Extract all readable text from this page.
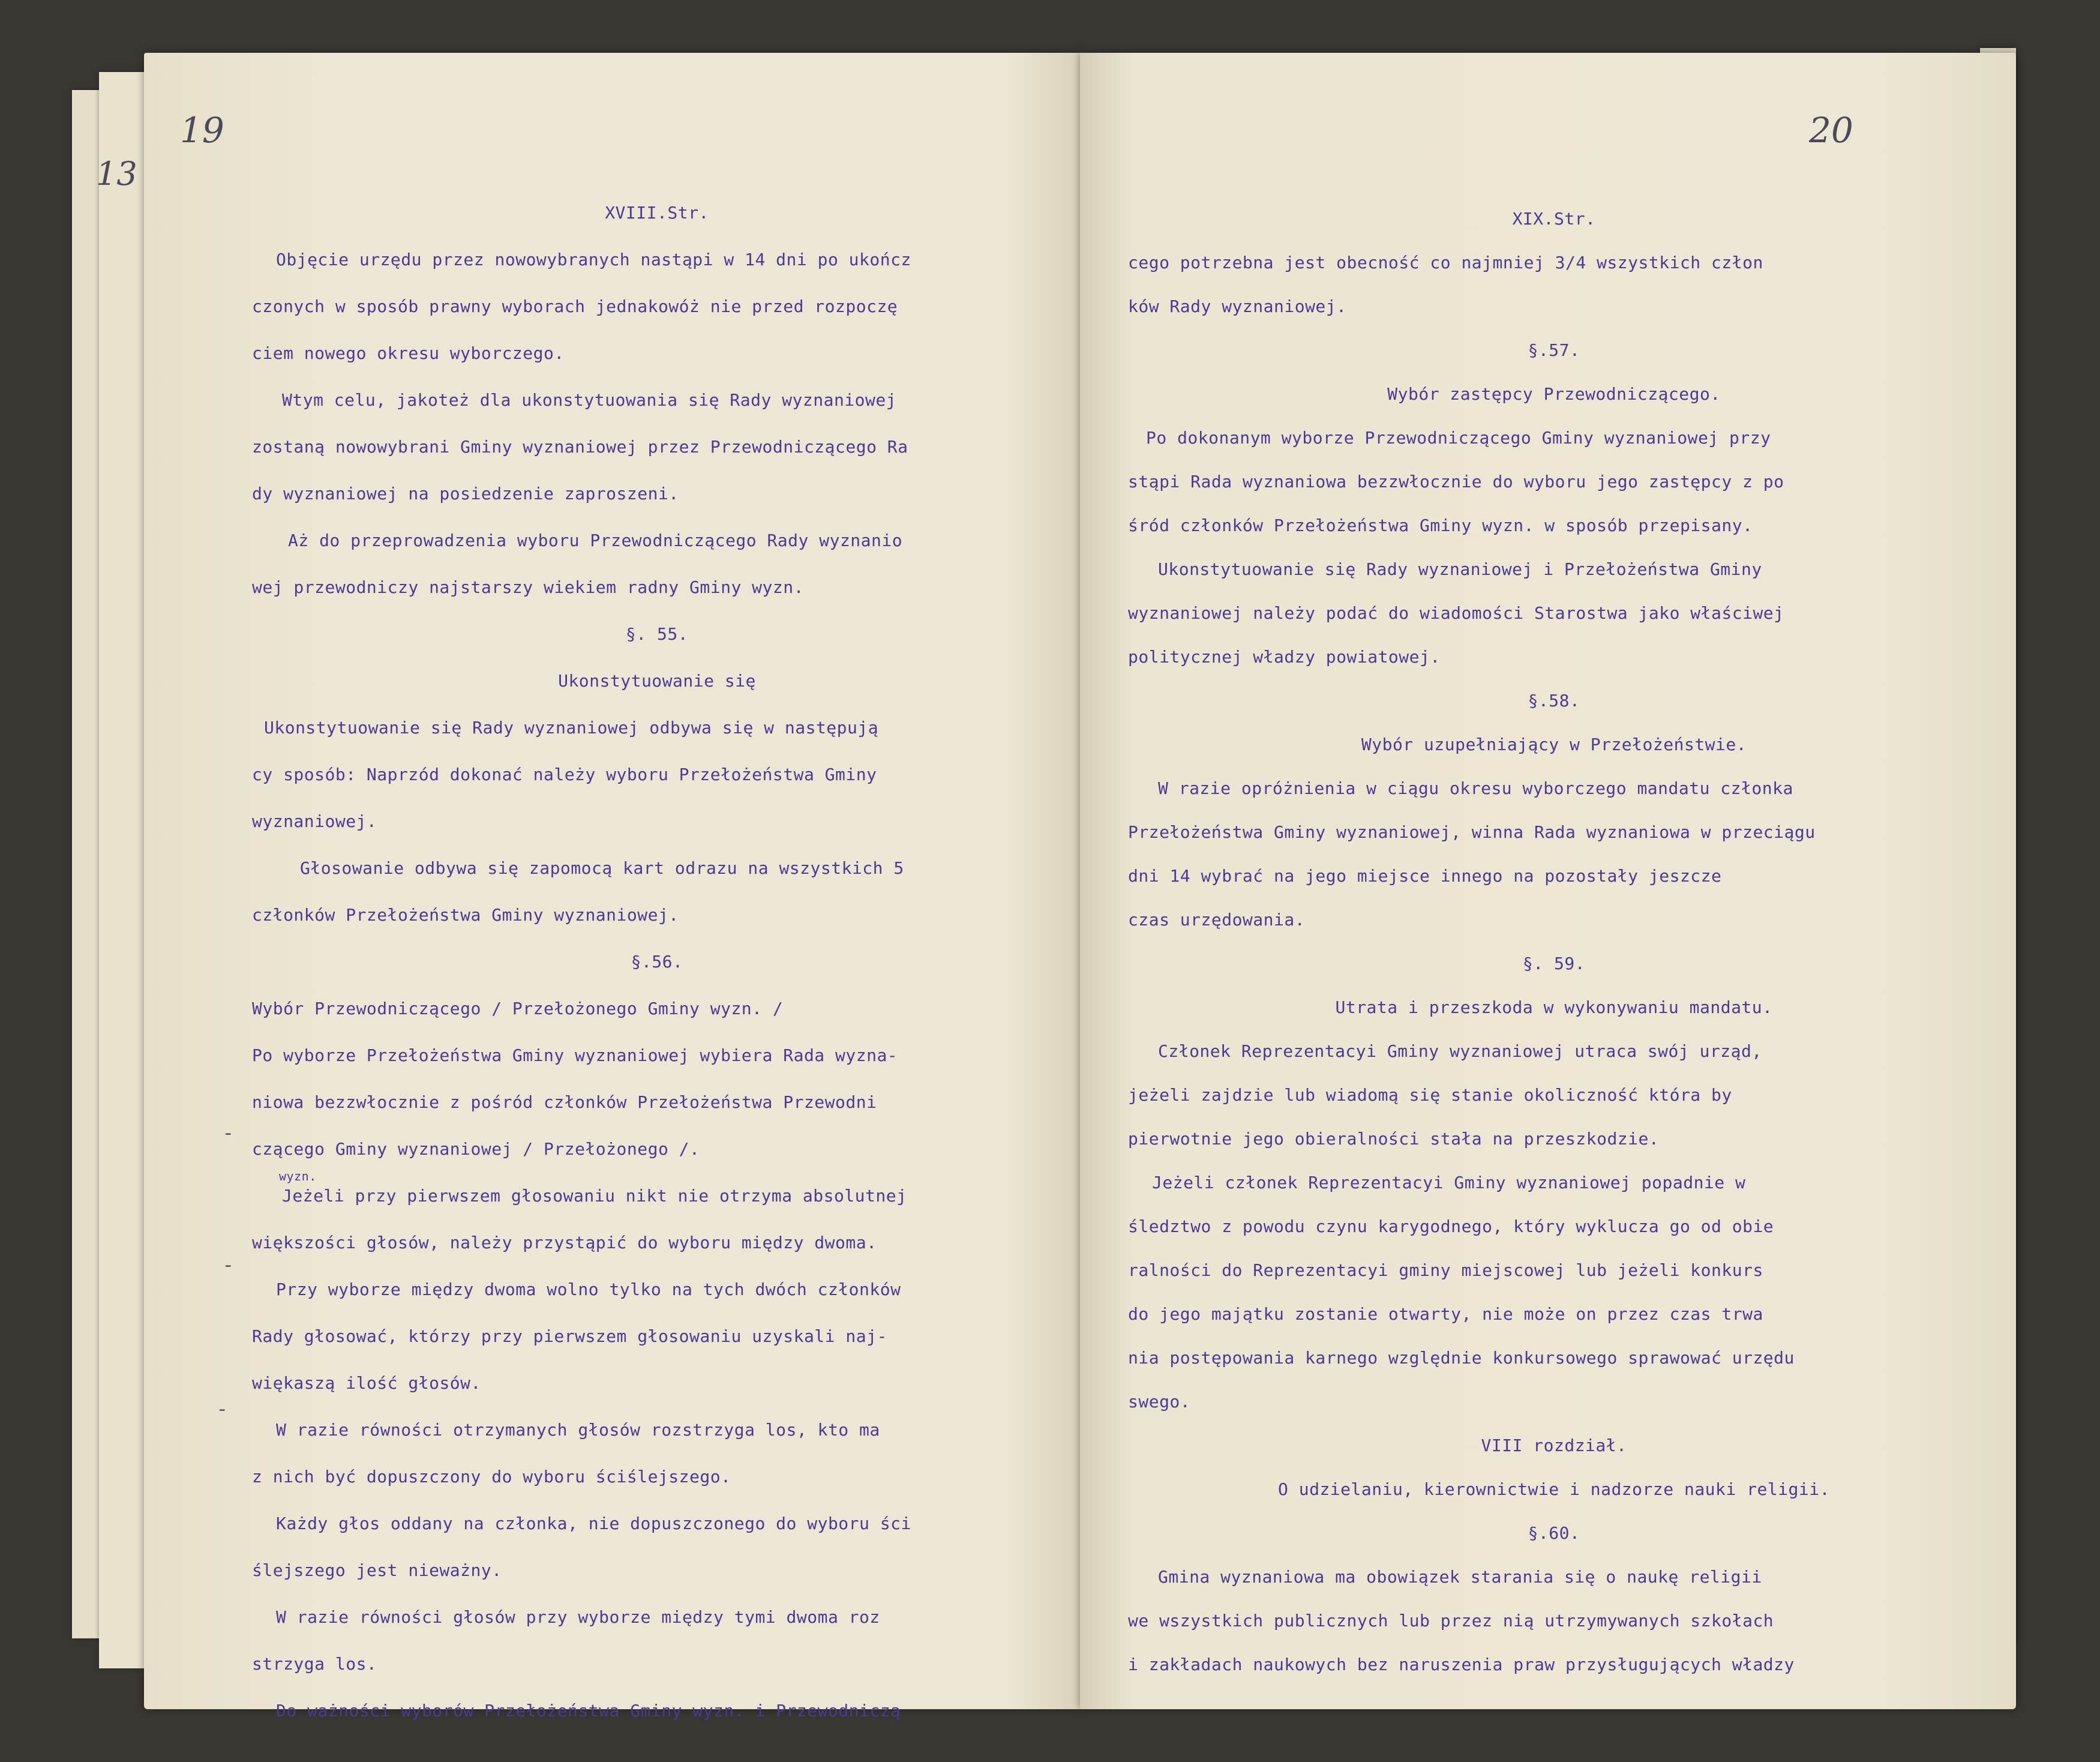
13
19
XVIII.Str.
Objęcie urzędu przez nowowybranych nastąpi w 14 dni po ukończ
czonych w sposób prawny wyborach jednakowóż nie przed rozpoczę
ciem nowego okresu wyborczego.
Wtym celu, jakoteż dla ukonstytuowania się Rady wyznaniowej
zostaną nowowybrani Gminy wyznaniowej przez Przewodniczącego Ra
dy wyznaniowej na posiedzenie zaproszeni.
Aż do przeprowadzenia wyboru Przewodniczącego Rady wyznanio
wej przewodniczy najstarszy wiekiem radny Gminy wyzn.
§. 55.
Ukonstytuowanie się
Ukonstytuowanie się Rady wyznaniowej odbywa się w następują
cy sposób: Naprzód dokonać należy wyboru Przełożeństwa Gminy
wyznaniowej.
Głosowanie odbywa się zapomocą kart odrazu na wszystkich 5
członków Przełożeństwa Gminy wyznaniowej.
§.56.
Wybór Przewodniczącego / Przełożonego Gminy wyzn. /
Po wyborze Przełożeństwa Gminy wyznaniowej wybiera Rada wyzna-
niowa bezzwłocznie z pośród członków Przełożeństwa Przewodni
czącego Gminy wyznaniowej / Przełożonego /.
Jeżeli przy pierwszem głosowaniu nikt nie otrzyma absolutnej
większości głosów, należy przystąpić do wyboru między dwoma.
Przy wyborze między dwoma wolno tylko na tych dwóch członków
Rady głosować, którzy przy pierwszem głosowaniu uzyskali naj-
więkaszą ilość głosów.
W razie równości otrzymanych głosów rozstrzyga los, kto ma
z nich być dopuszczony do wyboru ściślejszego.
Każdy głos oddany na członka, nie dopuszczonego do wyboru ści
ślejszego jest nieważny.
W razie równości głosów przy wyborze między tymi dwoma roz
strzyga los.
Do ważności wyborów Przełożeństwa Gminy wyzn. i Przewodniczą
wyzn.
-
-
-
20
XIX.Str.
cego potrzebna jest obecność co najmniej 3/4 wszystkich człon
ków Rady wyznaniowej.
§.57.
Wybór zastępcy Przewodniczącego.
Po dokonanym wyborze Przewodniczącego Gminy wyznaniowej przy
stąpi Rada wyznaniowa bezzwłocznie do wyboru jego zastępcy z po
śród członków Przełożeństwa Gminy wyzn. w sposób przepisany.
Ukonstytuowanie się Rady wyznaniowej i Przełożeństwa Gminy
wyznaniowej należy podać do wiadomości Starostwa jako właściwej
politycznej władzy powiatowej.
§.58.
Wybór uzupełniający w Przełożeństwie.
W razie opróżnienia w ciągu okresu wyborczego mandatu członka
Przełożeństwa Gminy wyznaniowej, winna Rada wyznaniowa w przeciągu
dni 14 wybrać na jego miejsce innego na pozostały jeszcze
czas urzędowania.
§. 59.
Utrata i przeszkoda w wykonywaniu mandatu.
Członek Reprezentacyi Gminy wyznaniowej utraca swój urząd,
jeżeli zajdzie lub wiadomą się stanie okoliczność która by
pierwotnie jego obieralności stała na przeszkodzie.
Jeżeli członek Reprezentacyi Gminy wyznaniowej popadnie w
śledztwo z powodu czynu karygodnego, który wyklucza go od obie
ralności do Reprezentacyi gminy miejscowej lub jeżeli konkurs
do jego majątku zostanie otwarty, nie może on przez czas trwa
nia postępowania karnego względnie konkursowego sprawować urzędu
swego.
VIII rozdział.
O udzielaniu, kierownictwie i nadzorze nauki religii.
§.60.
Gmina wyznaniowa ma obowiązek starania się o naukę religii
we wszystkich publicznych lub przez nią utrzymywanych szkołach
i zakładach naukowych bez naruszenia praw przysługujących władzy
